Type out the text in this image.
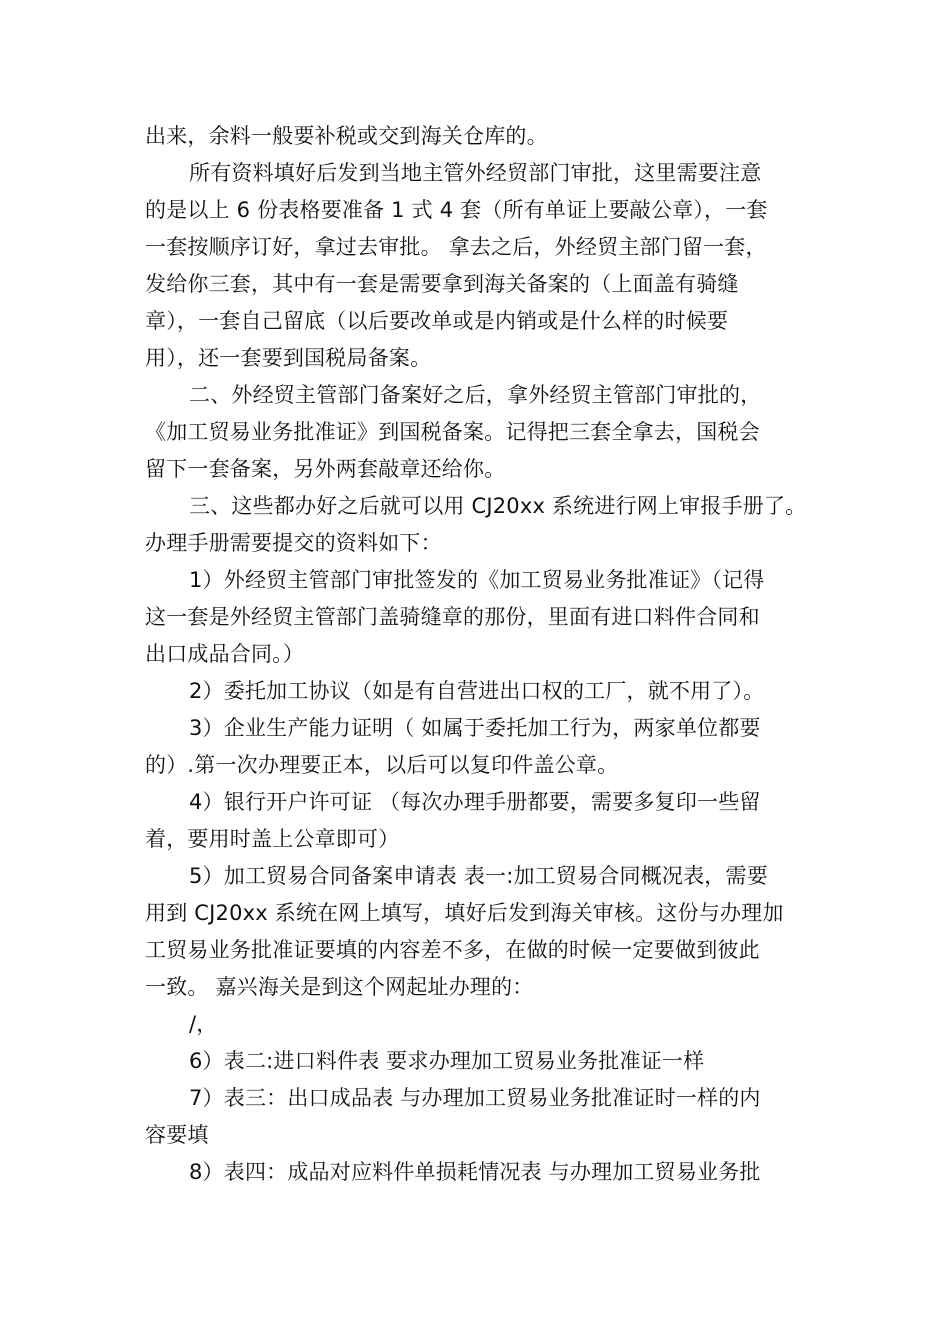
出来，余料一般要补税或交到海关仓库的。
所有资料填好后发到当地主管外经贸部门审批，这里需要注意
的是以上 6 份表格要准备 1 式 4 套（所有单证上要敲公章），一套
一套按顺序订好，拿过去审批。 拿去之后，外经贸主部门留一套，
发给你三套，其中有一套是需要拿到海关备案的（上面盖有骑缝
章），一套自己留底（以后要改单或是内销或是什么样的时候要
用），还一套要到国税局备案。
二、外经贸主管部门备案好之后，拿外经贸主管部门审批的，
《加工贸易业务批准证》到国税备案。记得把三套全拿去，国税会
留下一套备案，另外两套敲章还给你。
三、这些都办好之后就可以用 CJ20xx 系统进行网上审报手册了。
办理手册需要提交的资料如下：
1）外经贸主管部门审批签发的《加工贸易业务批准证》（记得
这一套是外经贸主管部门盖骑缝章的那份，里面有进口料件合同和
出口成品合同。）
2）委托加工协议（如是有自营进出口权的工厂，就不用了）。
3）企业生产能力证明（ 如属于委托加工行为，两家单位都要
的）.第一次办理要正本，以后可以复印件盖公章。
4）银行开户许可证 （每次办理手册都要，需要多复印一些留
着，要用时盖上公章即可）
5）加工贸易合同备案申请表 表一:加工贸易合同概况表，需要
用到 CJ20xx 系统在网上填写，填好后发到海关审核。这份与办理加
工贸易业务批准证要填的内容差不多，在做的时候一定要做到彼此
一致。 嘉兴海关是到这个网起址办理的：
/，
6）表二:进口料件表 要求办理加工贸易业务批准证一样
7）表三：出口成品表 与办理加工贸易业务批准证时一样的内
容要填
8）表四：成品对应料件单损耗情况表 与办理加工贸易业务批
